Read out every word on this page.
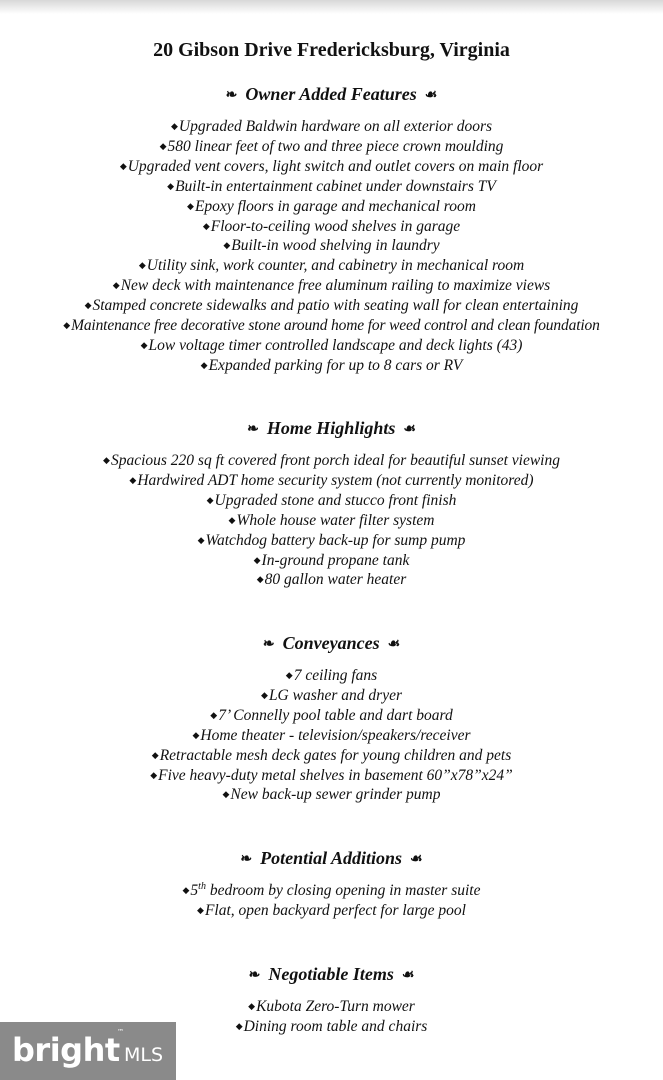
20 Gibson Drive Fredericksburg, Virginia
❧ Owner Added Features ☙
◆Upgraded Baldwin hardware on all exterior doors
◆580 linear feet of two and three piece crown moulding
◆Upgraded vent covers, light switch and outlet covers on main floor
◆Built-in entertainment cabinet under downstairs TV
◆Epoxy floors in garage and mechanical room
◆Floor-to-ceiling wood shelves in garage
◆Built-in wood shelving in laundry
◆Utility sink, work counter, and cabinetry in mechanical room
◆New deck with maintenance free aluminum railing to maximize views
◆Stamped concrete sidewalks and patio with seating wall for clean entertaining
◆Maintenance free decorative stone around home for weed control and clean foundation
◆Low voltage timer controlled landscape and deck lights (43)
◆Expanded parking for up to 8 cars or RV
❧ Home Highlights ☙
◆Spacious 220 sq ft covered front porch ideal for beautiful sunset viewing
◆Hardwired ADT home security system (not currently monitored)
◆Upgraded stone and stucco front finish
◆Whole house water filter system
◆Watchdog battery back-up for sump pump
◆In-ground propane tank
◆80 gallon water heater
❧ Conveyances ☙
◆7 ceiling fans
◆LG washer and dryer
◆7’ Connelly pool table and dart board
◆Home theater - television/speakers/receiver
◆Retractable mesh deck gates for young children and pets
◆Five heavy-duty metal shelves in basement 60”x78”x24”
◆New back-up sewer grinder pump
❧ Potential Additions ☙
◆5th bedroom by closing opening in master suite
◆Flat, open backyard perfect for large pool
❧ Negotiable Items ☙
◆Kubota Zero-Turn mower
◆Dining room table and chairs
bright
™
MLS
